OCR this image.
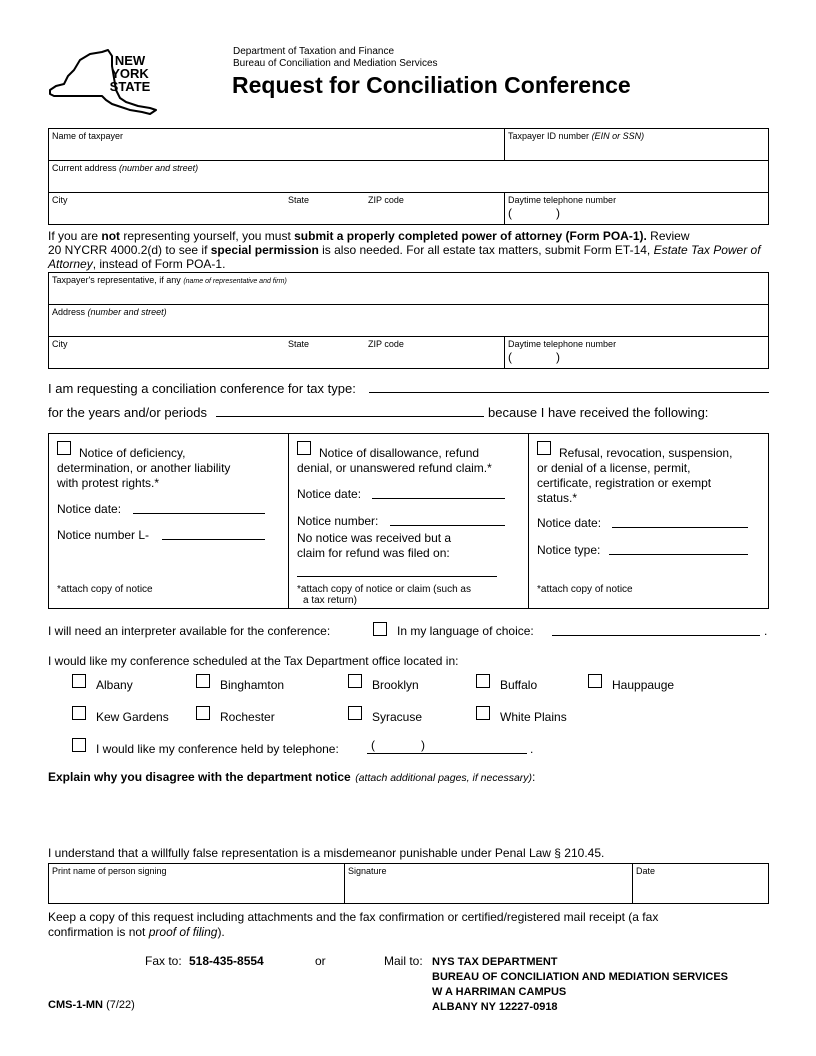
NEW
YORK
STATE
Department of Taxation and Finance
Bureau of Conciliation and Mediation Services
Request for Conciliation Conference
Name of taxpayer	Taxpayer ID number (EIN or SSN)
Current address (number and street)
City	State	ZIP code	Daytime telephone number
(	)
If you are not representing yourself, you must submit a properly completed power of attorney (Form POA-1). Review
20 NYCRR 4000.2(d) to see if special permission is also needed. For all estate tax matters, submit Form ET-14, Estate Tax Power of
Attorney, instead of Form POA-1.
Taxpayer's representative, if any (name of representative and firm)
Address (number and street)
City	State	ZIP code	Daytime telephone number
(	)
I am requesting a conciliation conference for tax type:
for the years and/or periods	because I have received the following:
Notice of deficiency,
determination, or another liability
with protest rights.*
Notice date:
Notice number L-
*attach copy of notice
Notice of disallowance, refund
denial, or unanswered refund claim.*
Notice date:
Notice number:
No notice was received but a
claim for refund was filed on:
*attach copy of notice or claim (such as
a tax return)
Refusal, revocation, suspension,
or denial of a license, permit,
certificate, registration or exempt
status.*
Notice date:
Notice type:
*attach copy of notice
I will need an interpreter available for the conference:	In my language of choice:	.
I would like my conference scheduled at the Tax Department office located in:
Albany	Binghamton	Brooklyn	Buffalo	Hauppauge
Kew Gardens	Rochester	Syracuse	White Plains
I would like my conference held by telephone:	(	)	.
Explain why you disagree with the department notice (attach additional pages, if necessary):
I understand that a willfully false representation is a misdemeanor punishable under Penal Law § 210.45.
Print name of person signing	Signature	Date
Keep a copy of this request including attachments and the fax confirmation or certified/registered mail receipt (a fax
confirmation is not proof of filing).
Fax to: 518-435-8554	or	Mail to: NYS TAX DEPARTMENT
BUREAU OF CONCILIATION AND MEDIATION SERVICES
W A HARRIMAN CAMPUS
ALBANY NY 12227-0918
CMS-1-MN (7/22)
